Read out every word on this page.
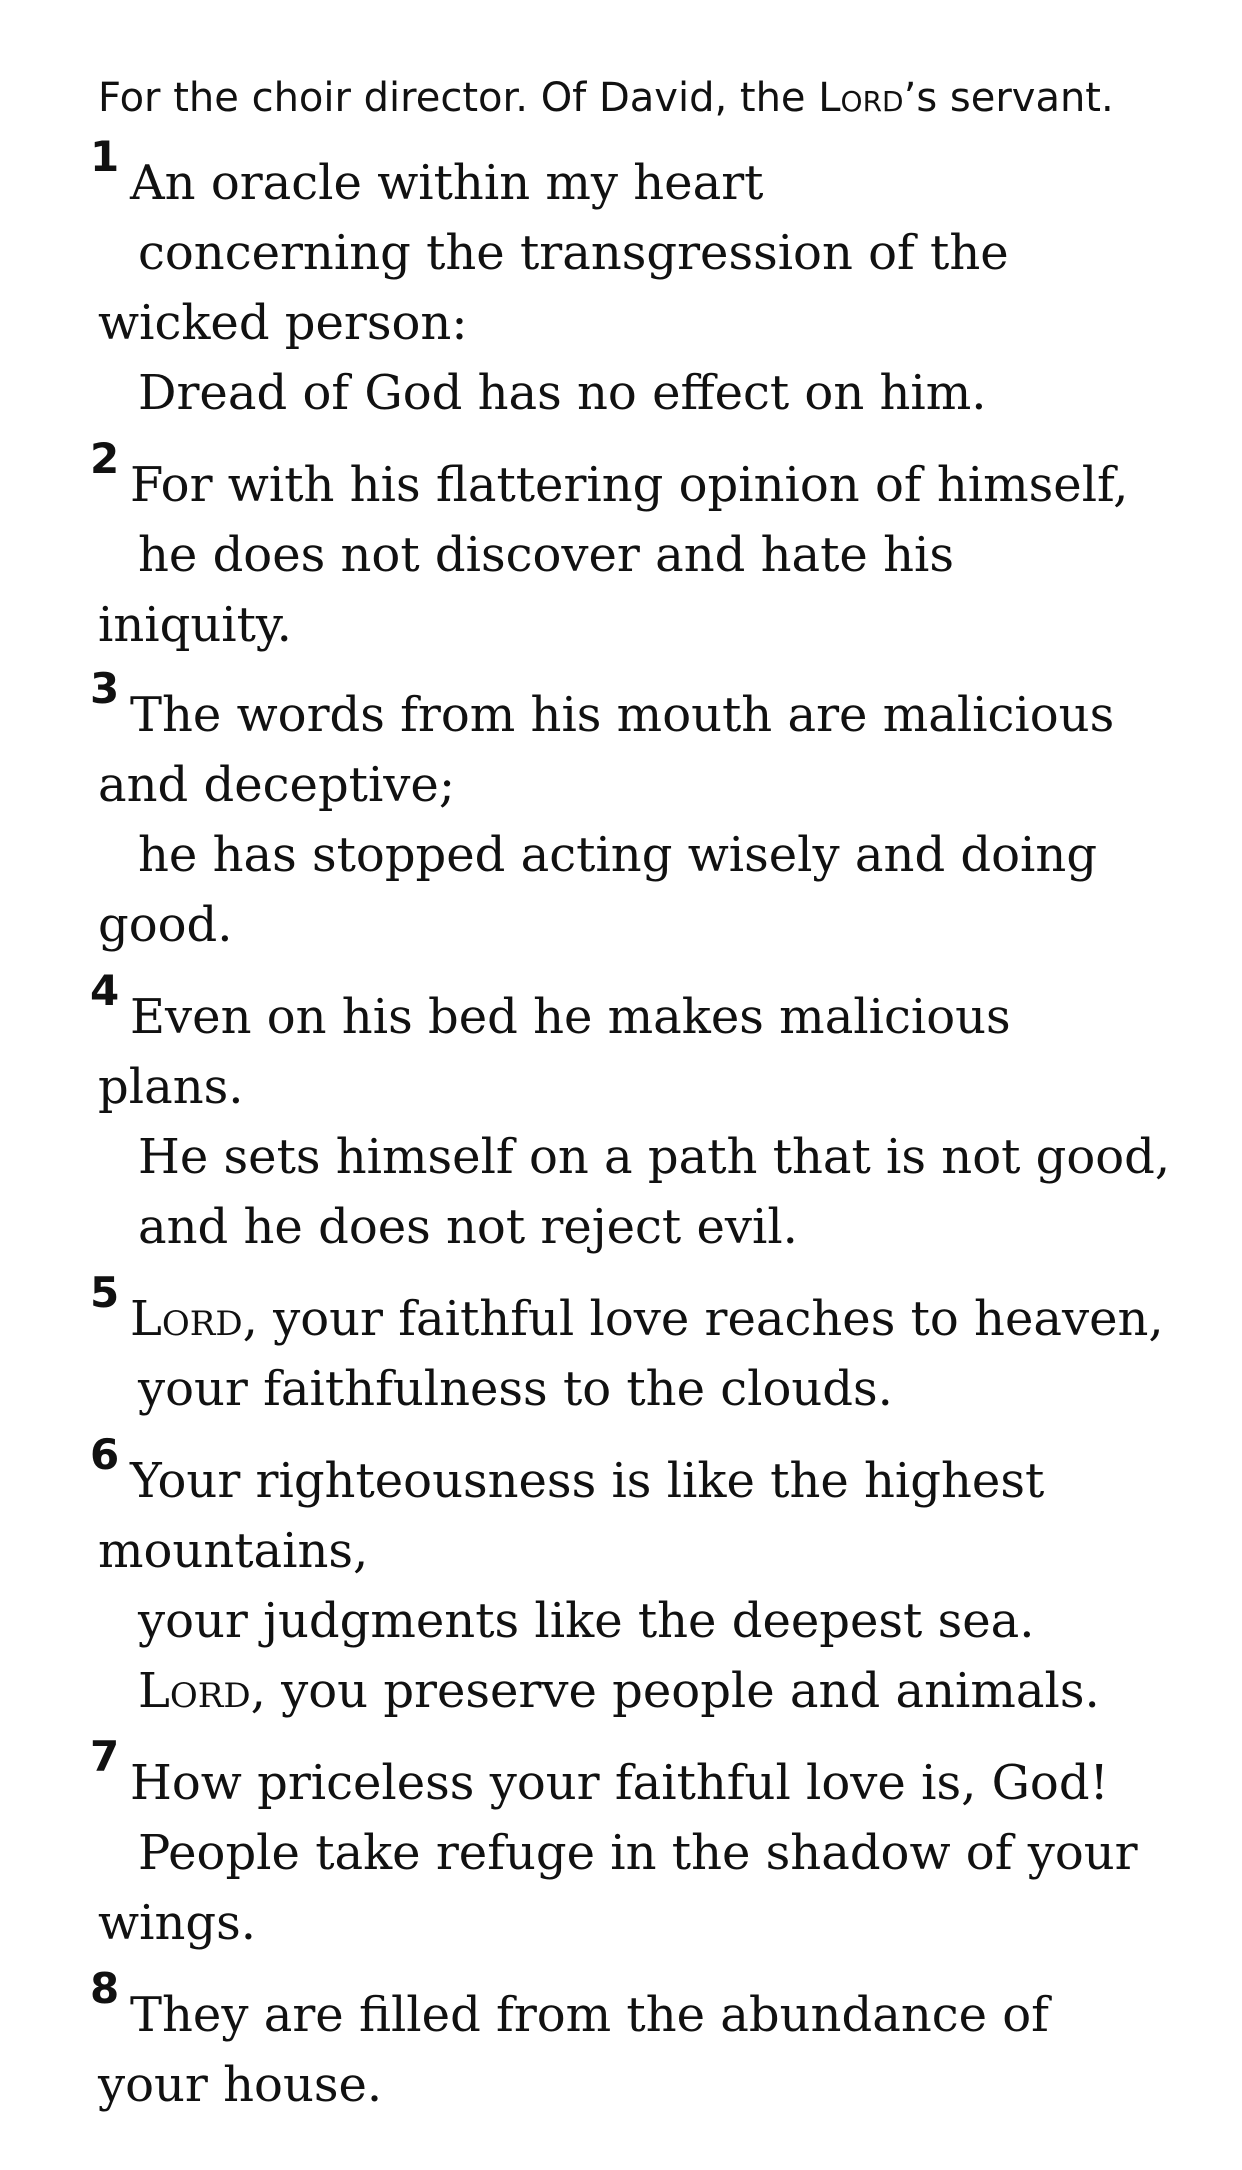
For the choir director. Of David, the Lord’s servant.
1 An oracle within my heart
concerning the transgression of the
wicked person:
Dread of God has no effect on him.
2 For with his flattering opinion of himself,
he does not discover and hate his
iniquity.
3 The words from his mouth are malicious
and deceptive;
he has stopped acting wisely and doing
good.
4 Even on his bed he makes malicious
plans.
He sets himself on a path that is not good,
and he does not reject evil.
5 Lord, your faithful love reaches to heaven,
your faithfulness to the clouds.
6 Your righteousness is like the highest
mountains,
your judgments like the deepest sea.
Lord, you preserve people and animals.
7 How priceless your faithful love is, God!
People take refuge in the shadow of your
wings.
8 They are filled from the abundance of
your house.
